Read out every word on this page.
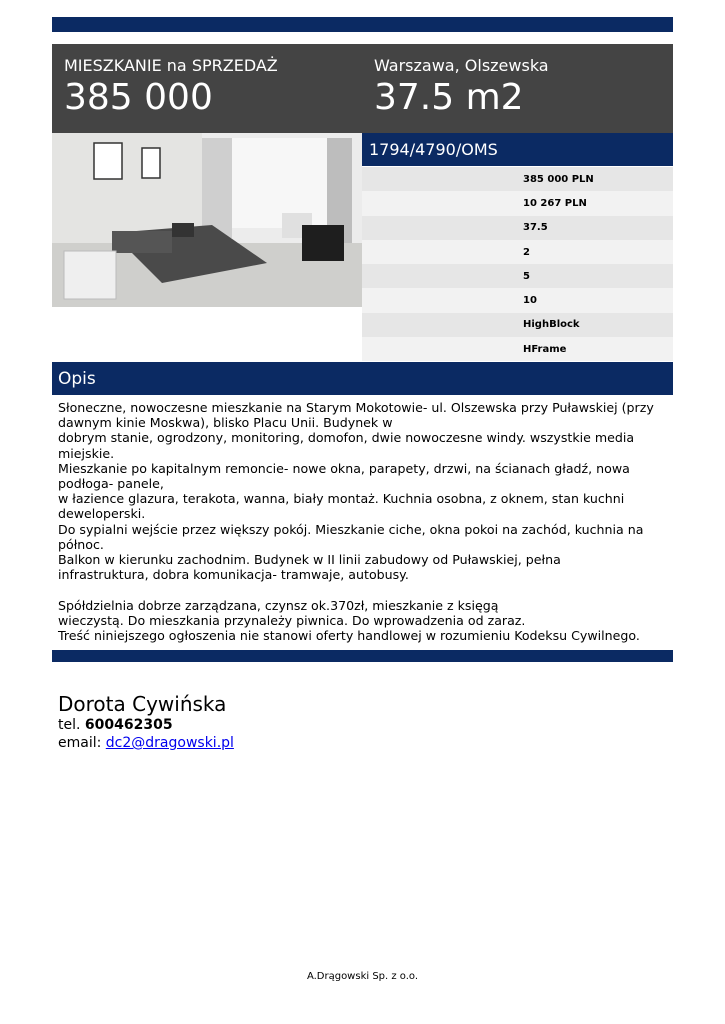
MIESZKANIE na SPRZEDAŻ
385 000
Warszawa, Olszewska
37.5 m2
1794/4790/OMS
385 000 PLN
10 267 PLN
37.5
2
5
10
HighBlock
HFrame
Opis
Słoneczne, nowoczesne mieszkanie na Starym Mokotowie- ul. Olszewska przy Puławskiej (przy
dawnym kinie Moskwa), blisko Placu Unii. Budynek w
dobrym stanie, ogrodzony, monitoring, domofon, dwie nowoczesne windy. wszystkie media
miejskie.
Mieszkanie po kapitalnym remoncie- nowe okna, parapety, drzwi, na ścianach gładź, nowa
podłoga- panele,
w łazience glazura, terakota, wanna, biały montaż. Kuchnia osobna, z oknem, stan kuchni
deweloperski.
Do sypialni wejście przez większy pokój. Mieszkanie ciche, okna pokoi na zachód, kuchnia na
północ.
Balkon w kierunku zachodnim. Budynek w II linii zabudowy od Puławskiej, pełna
infrastruktura, dobra komunikacja- tramwaje, autobusy.
Spółdzielnia dobrze zarządzana, czynsz ok.370zł, mieszkanie z księgą
wieczystą. Do mieszkania przynależy piwnica. Do wprowadzenia od zaraz.
Treść niniejszego ogłoszenia nie stanowi oferty handlowej w rozumieniu Kodeksu Cywilnego.
Dorota Cywińska
tel. 600462305
email: dc2@dragowski.pl
A.Drągowski Sp. z o.o.
